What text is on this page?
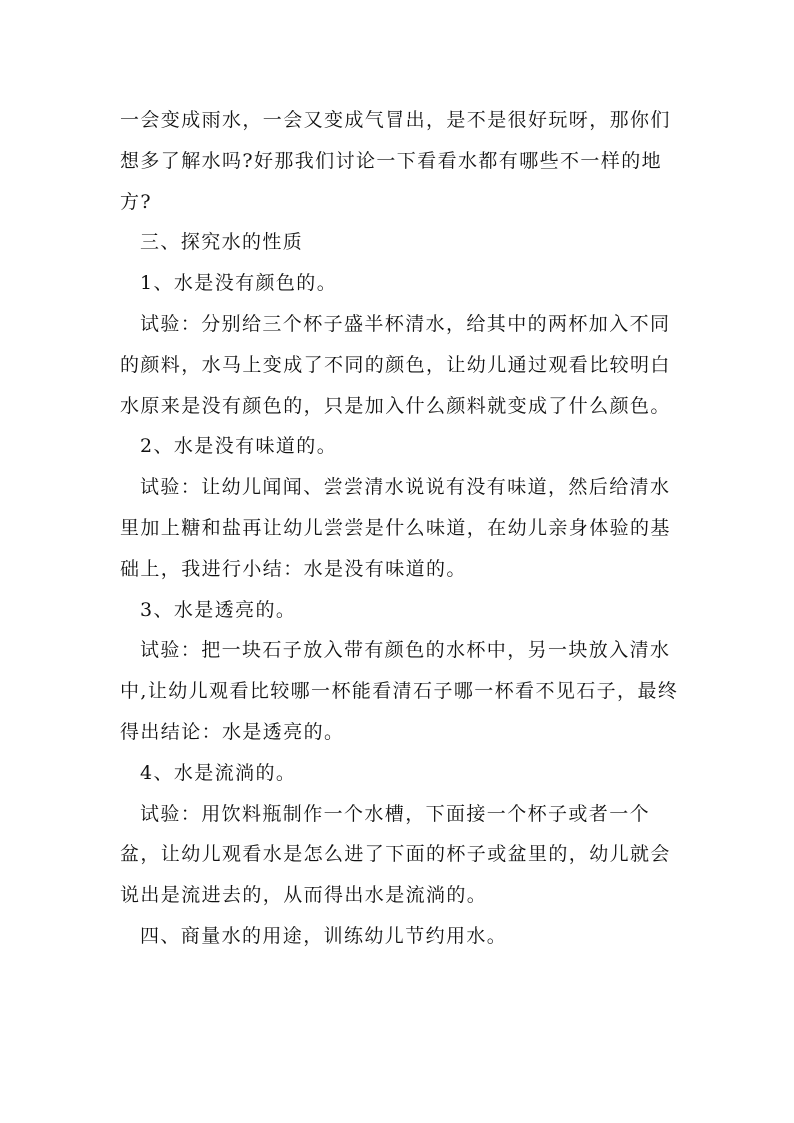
一会变成雨水，一会又变成气冒出，是不是很好玩呀，那你们想多了解水吗?好那我们讨论一下看看水都有哪些不一样的地方?

三、探究水的性质

1、水是没有颜色的。

试验：分别给三个杯子盛半杯清水，给其中的两杯加入不同的颜料，水马上变成了不同的颜色，让幼儿通过观看比较明白水原来是没有颜色的，只是加入什么颜料就变成了什么颜色。

2、水是没有味道的。

试验：让幼儿闻闻、尝尝清水说说有没有味道，然后给清水里加上糖和盐再让幼儿尝尝是什么味道，在幼儿亲身体验的基础上，我进行小结：水是没有味道的。

3、水是透亮的。

试验：把一块石子放入带有颜色的水杯中，另一块放入清水中,让幼儿观看比较哪一杯能看清石子哪一杯看不见石子，最终得出结论：水是透亮的。

4、水是流淌的。

试验：用饮料瓶制作一个水槽，下面接一个杯子或者一个盆，让幼儿观看水是怎么进了下面的杯子或盆里的，幼儿就会说出是流进去的，从而得出水是流淌的。

四、商量水的用途，训练幼儿节约用水。
